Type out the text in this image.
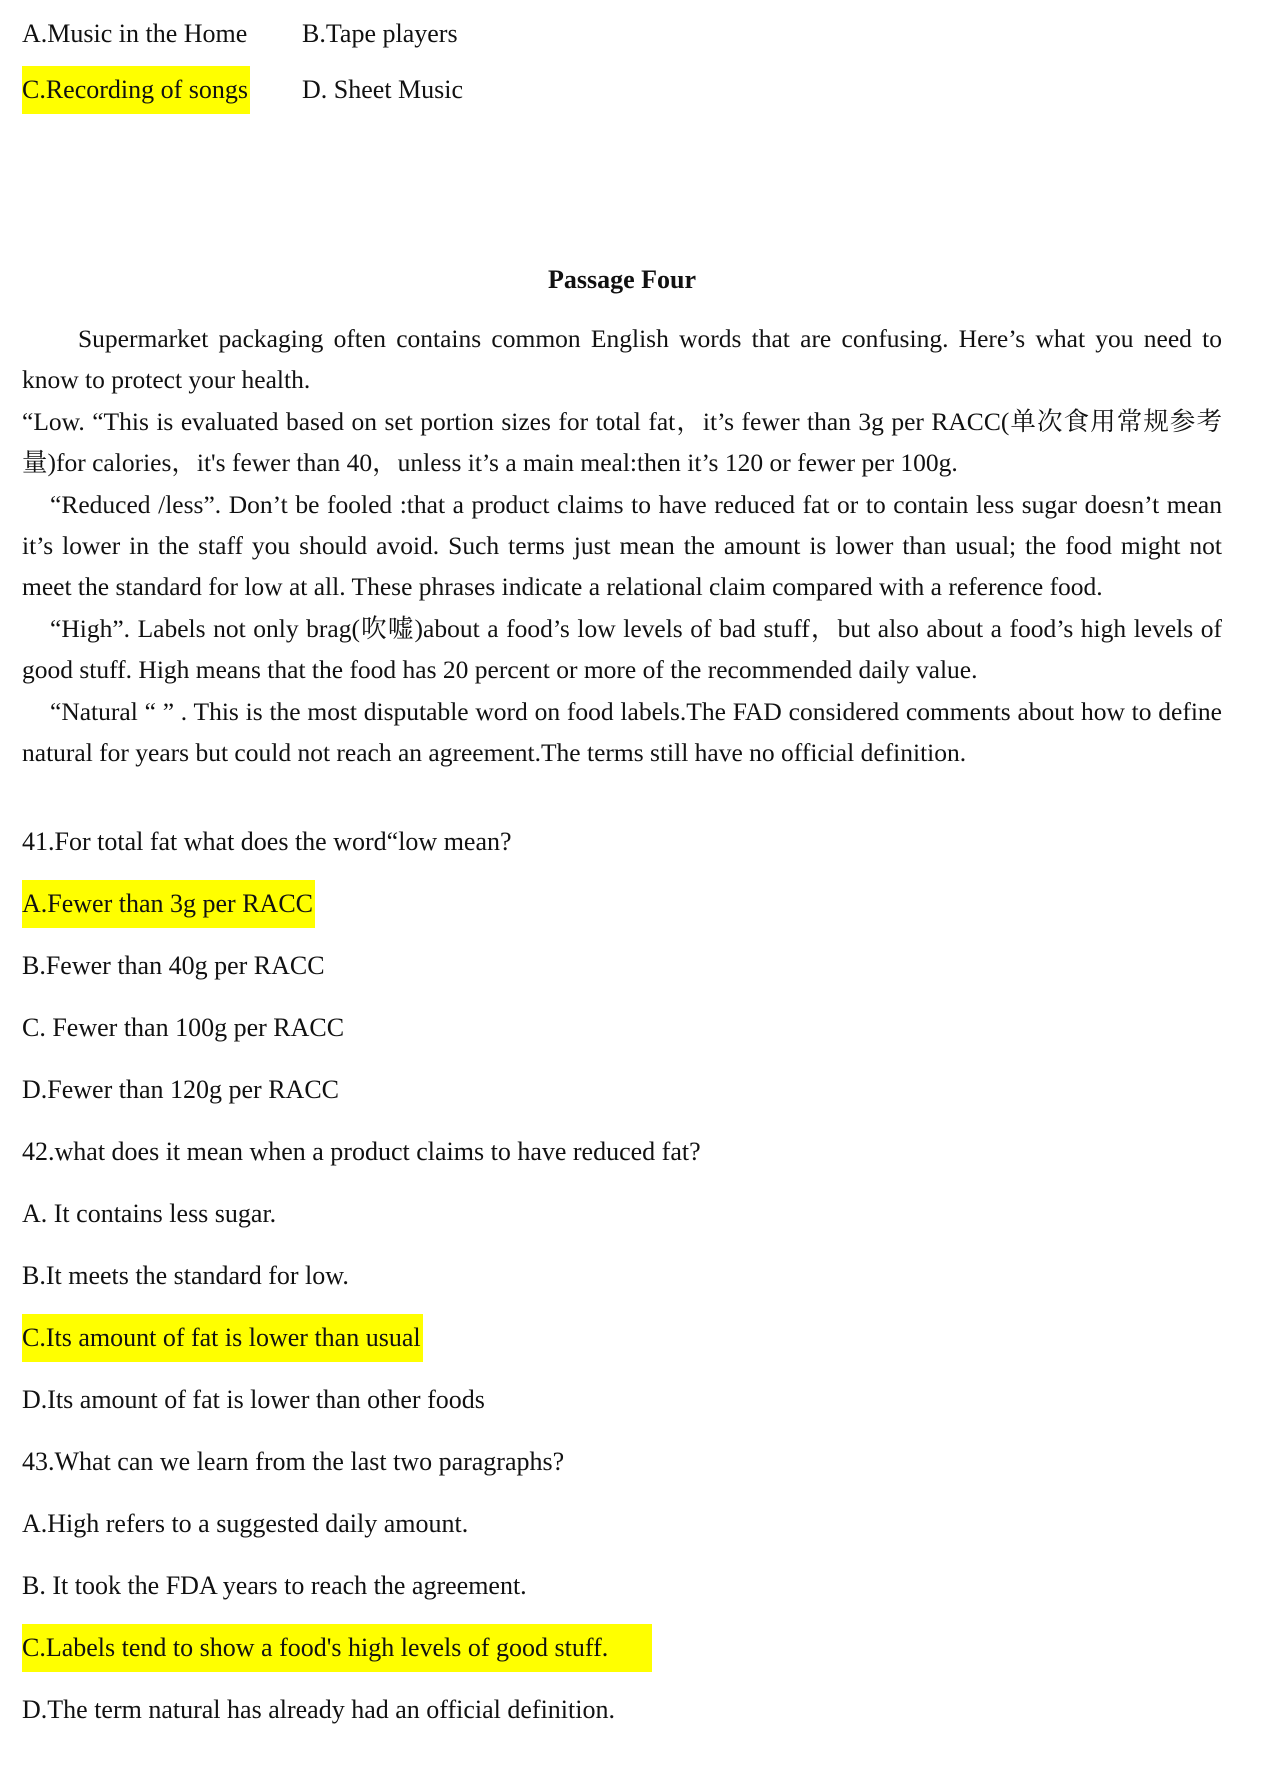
A.Music in the Home B.Tape players
C.Recording of songs D. Sheet Music
Passage Four

Supermarket packaging often contains common English words that are confusing. Here’s what you need to know to protect your health.

“Low. “This is evaluated based on set portion sizes for total fat，it’s fewer than 3g per RACC(单次食用常规参考量)for calories，it's fewer than 40，unless it’s a main meal:then it’s 120 or fewer per 100g.

“Reduced /less”. Don’t be fooled :that a product claims to have reduced fat or to contain less sugar doesn’t mean it’s lower in the staff you should avoid. Such terms just mean the amount is lower than usual; the food might not meet the standard for low at all. These phrases indicate a relational claim compared with a reference food.

“High”. Labels not only brag(吹嘘)about a food’s low levels of bad stuff，but also about a food’s high levels of good stuff. High means that the food has 20 percent or more of the recommended daily value.

“Natural “ ” . This is the most disputable word on food labels.The FAD considered comments about how to define natural for years but could not reach an agreement.The terms still have no official definition.

41.For total fat what does the word“low mean?
A.Fewer than 3g per RACC
B.Fewer than 40g per RACC
C. Fewer than 100g per RACC
D.Fewer than 120g per RACC
42.what does it mean when a product claims to have reduced fat?
A. It contains less sugar.
B.It meets the standard for low.
C.Its amount of fat is lower than usual
D.Its amount of fat is lower than other foods
43.What can we learn from the last two paragraphs?
A.High refers to a suggested daily amount.
B. It took the FDA years to reach the agreement.
C.Labels tend to show a food's high levels of good stuff.
D.The term natural has already had an official definition.
